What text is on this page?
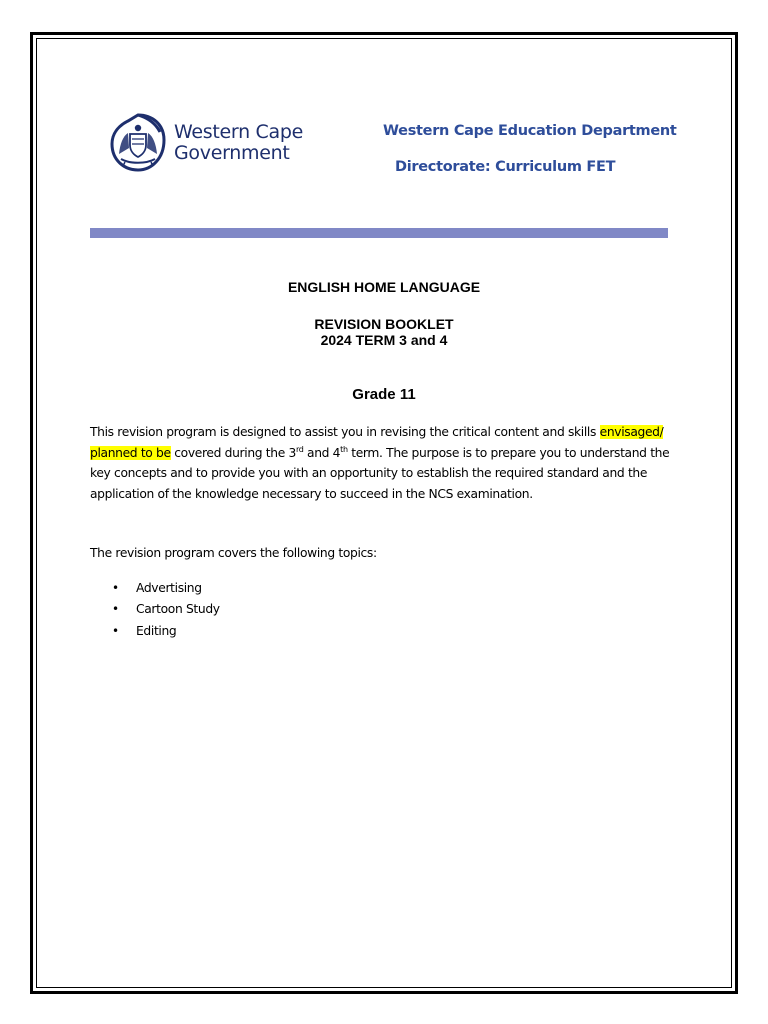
Western Cape
Government
Western Cape Education Department
Directorate: Curriculum FET
ENGLISH HOME LANGUAGE
REVISION BOOKLET
2024 TERM 3 and 4
Grade 11
This revision program is designed to assist you in revising the critical content and skills envisaged/ planned to be covered during the 3rd and 4th term. The purpose is to prepare you to understand the key concepts and to provide you with an opportunity to establish the required standard and the application of the knowledge necessary to succeed in the NCS examination.
The revision program covers the following topics:
•	Advertising
•	Cartoon Study
•	Editing
